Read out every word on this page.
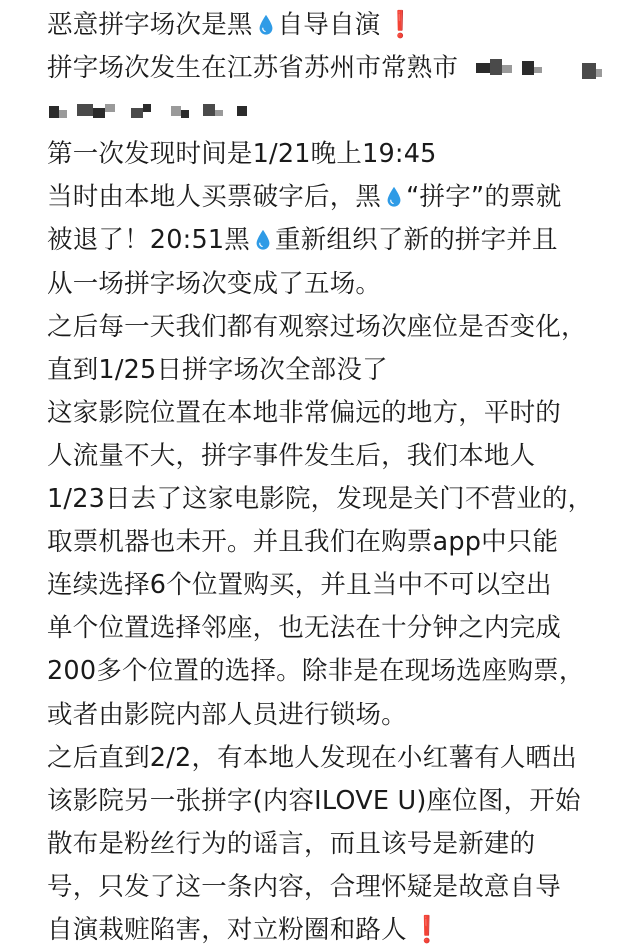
恶意拼字场次是黑 自导自演 ❗
拼字场次发生在江苏省苏州市常熟市
第一次发现时间是1/21晚上19:45
当时由本地人买票破字后，黑 “拼字”的票就
被退了！20:51黑 重新组织了新的拼字并且
从一场拼字场次变成了五场。
之后每一天我们都有观察过场次座位是否变化，
直到1/25日拼字场次全部没了
这家影院位置在本地非常偏远的地方，平时的
人流量不大，拼字事件发生后，我们本地人
1/23日去了这家电影院，发现是关门不营业的，
取票机器也未开。并且我们在购票app中只能
连续选择6个位置购买，并且当中不可以空出
单个位置选择邻座，也无法在十分钟之内完成
200多个位置的选择。除非是在现场选座购票，
或者由影院内部人员进行锁场。
之后直到2/2，有本地人发现在小红薯有人晒出
该影院另一张拼字(内容ILOVE U)座位图，开始
散布是粉丝行为的谣言，而且该号是新建的
号，只发了这一条内容，合理怀疑是故意自导
自演栽赃陷害，对立粉圈和路人 ❗
